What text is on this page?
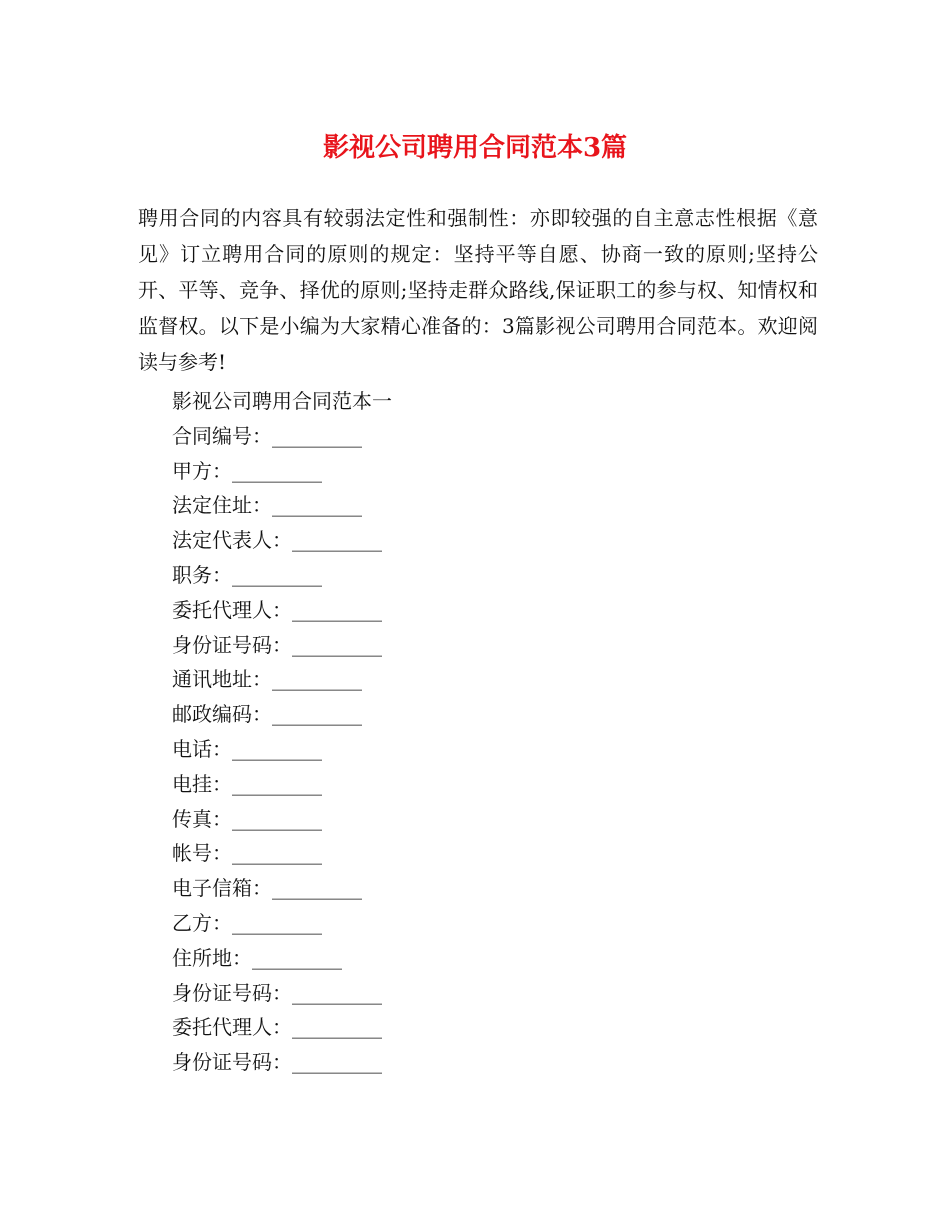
影视公司聘用合同范本3篇

聘用合同的内容具有较弱法定性和强制性：亦即较强的自主意志性根据《意见》订立聘用合同的原则的规定：坚持平等自愿、协商一致的原则;坚持公开、平等、竞争、择优的原则;坚持走群众路线,保证职工的参与权、知情权和监督权。以下是小编为大家精心准备的：3篇影视公司聘用合同范本。欢迎阅读与参考!

影视公司聘用合同范本一
合同编号：_________
甲方：_________
法定住址：_________
法定代表人：_________
职务：_________
委托代理人：_________
身份证号码：_________
通讯地址：_________
邮政编码：_________
电话：_________
电挂：_________
传真：_________
帐号：_________
电子信箱：_________
乙方：_________
住所地：_________
身份证号码：_________
委托代理人：_________
身份证号码：_________
